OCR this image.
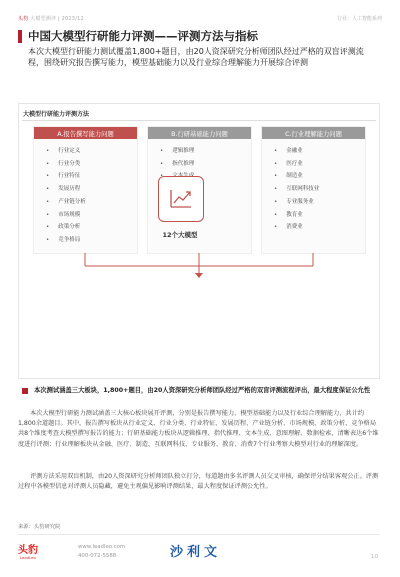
头豹 大模型测评 | 2023/12	行业：人工智能系列
中国大模型行研能力评测——评测方法与指标
本次大模型行研能力测试覆盖1,800+题目，由20人资深研究分析师团队经过严格的双盲评测流程，围绕研究报告撰写能力，模型基础能力以及行业综合理解能力开展综合评测
大模型行研能力评测方法
A.报告撰写能力问题
• 行业定义
• 行业分类
• 行业特征
• 发展历程
• 产业链分析
• 市场规模
• 政策分析
• 竞争格局
B.行研基础能力问题
• 逻辑推理
• 指代推理
•
•
•
•
C.行业理解能力问题
• 金融业
• 医疗业
• 制造业
• 互联网科技业
• 专业服务业
• 教育业
• 消费业
12个大模型
本次测试涵盖三大板块，1,800+题目，由20人资深研究分析师团队经过严格的双盲评测流程评出，最大程度保证公允性
本次大模型行研能力测试涵盖三大核心板块展开评测，分别是报告撰写能力、模型基础能力以及行业综合理解能力，共计约1,800余道题目。其中，报告撰写板块从行业定义、行业分类、行业特征、发展历程、产业链分析、市场规模、政策分析、竞争格局共8个维度考查大模型撰写报告的能力；行研基础能力板块从逻辑推理、指代推理、文本生成、意图理解、数据检索、清晰表达6个维度进行评测；行业理解板块从金融、医疗、制造、互联网科技、专业服务、教育、消费7个行业考察大模型对行业的理解深度。
评测方法采用双盲机制，由20人资深研究分析师团队独立打分，每道题由多名评测人员交叉审核，确保评分结果客观公正。评测过程中各模型信息对评测人员隐藏，避免主观偏见影响评测结果，最大程度保证评测公允性。
来源：头豹研究院
头豹
LeadLeo
www.leadleo.com
400-072-5588	沙利文	10
